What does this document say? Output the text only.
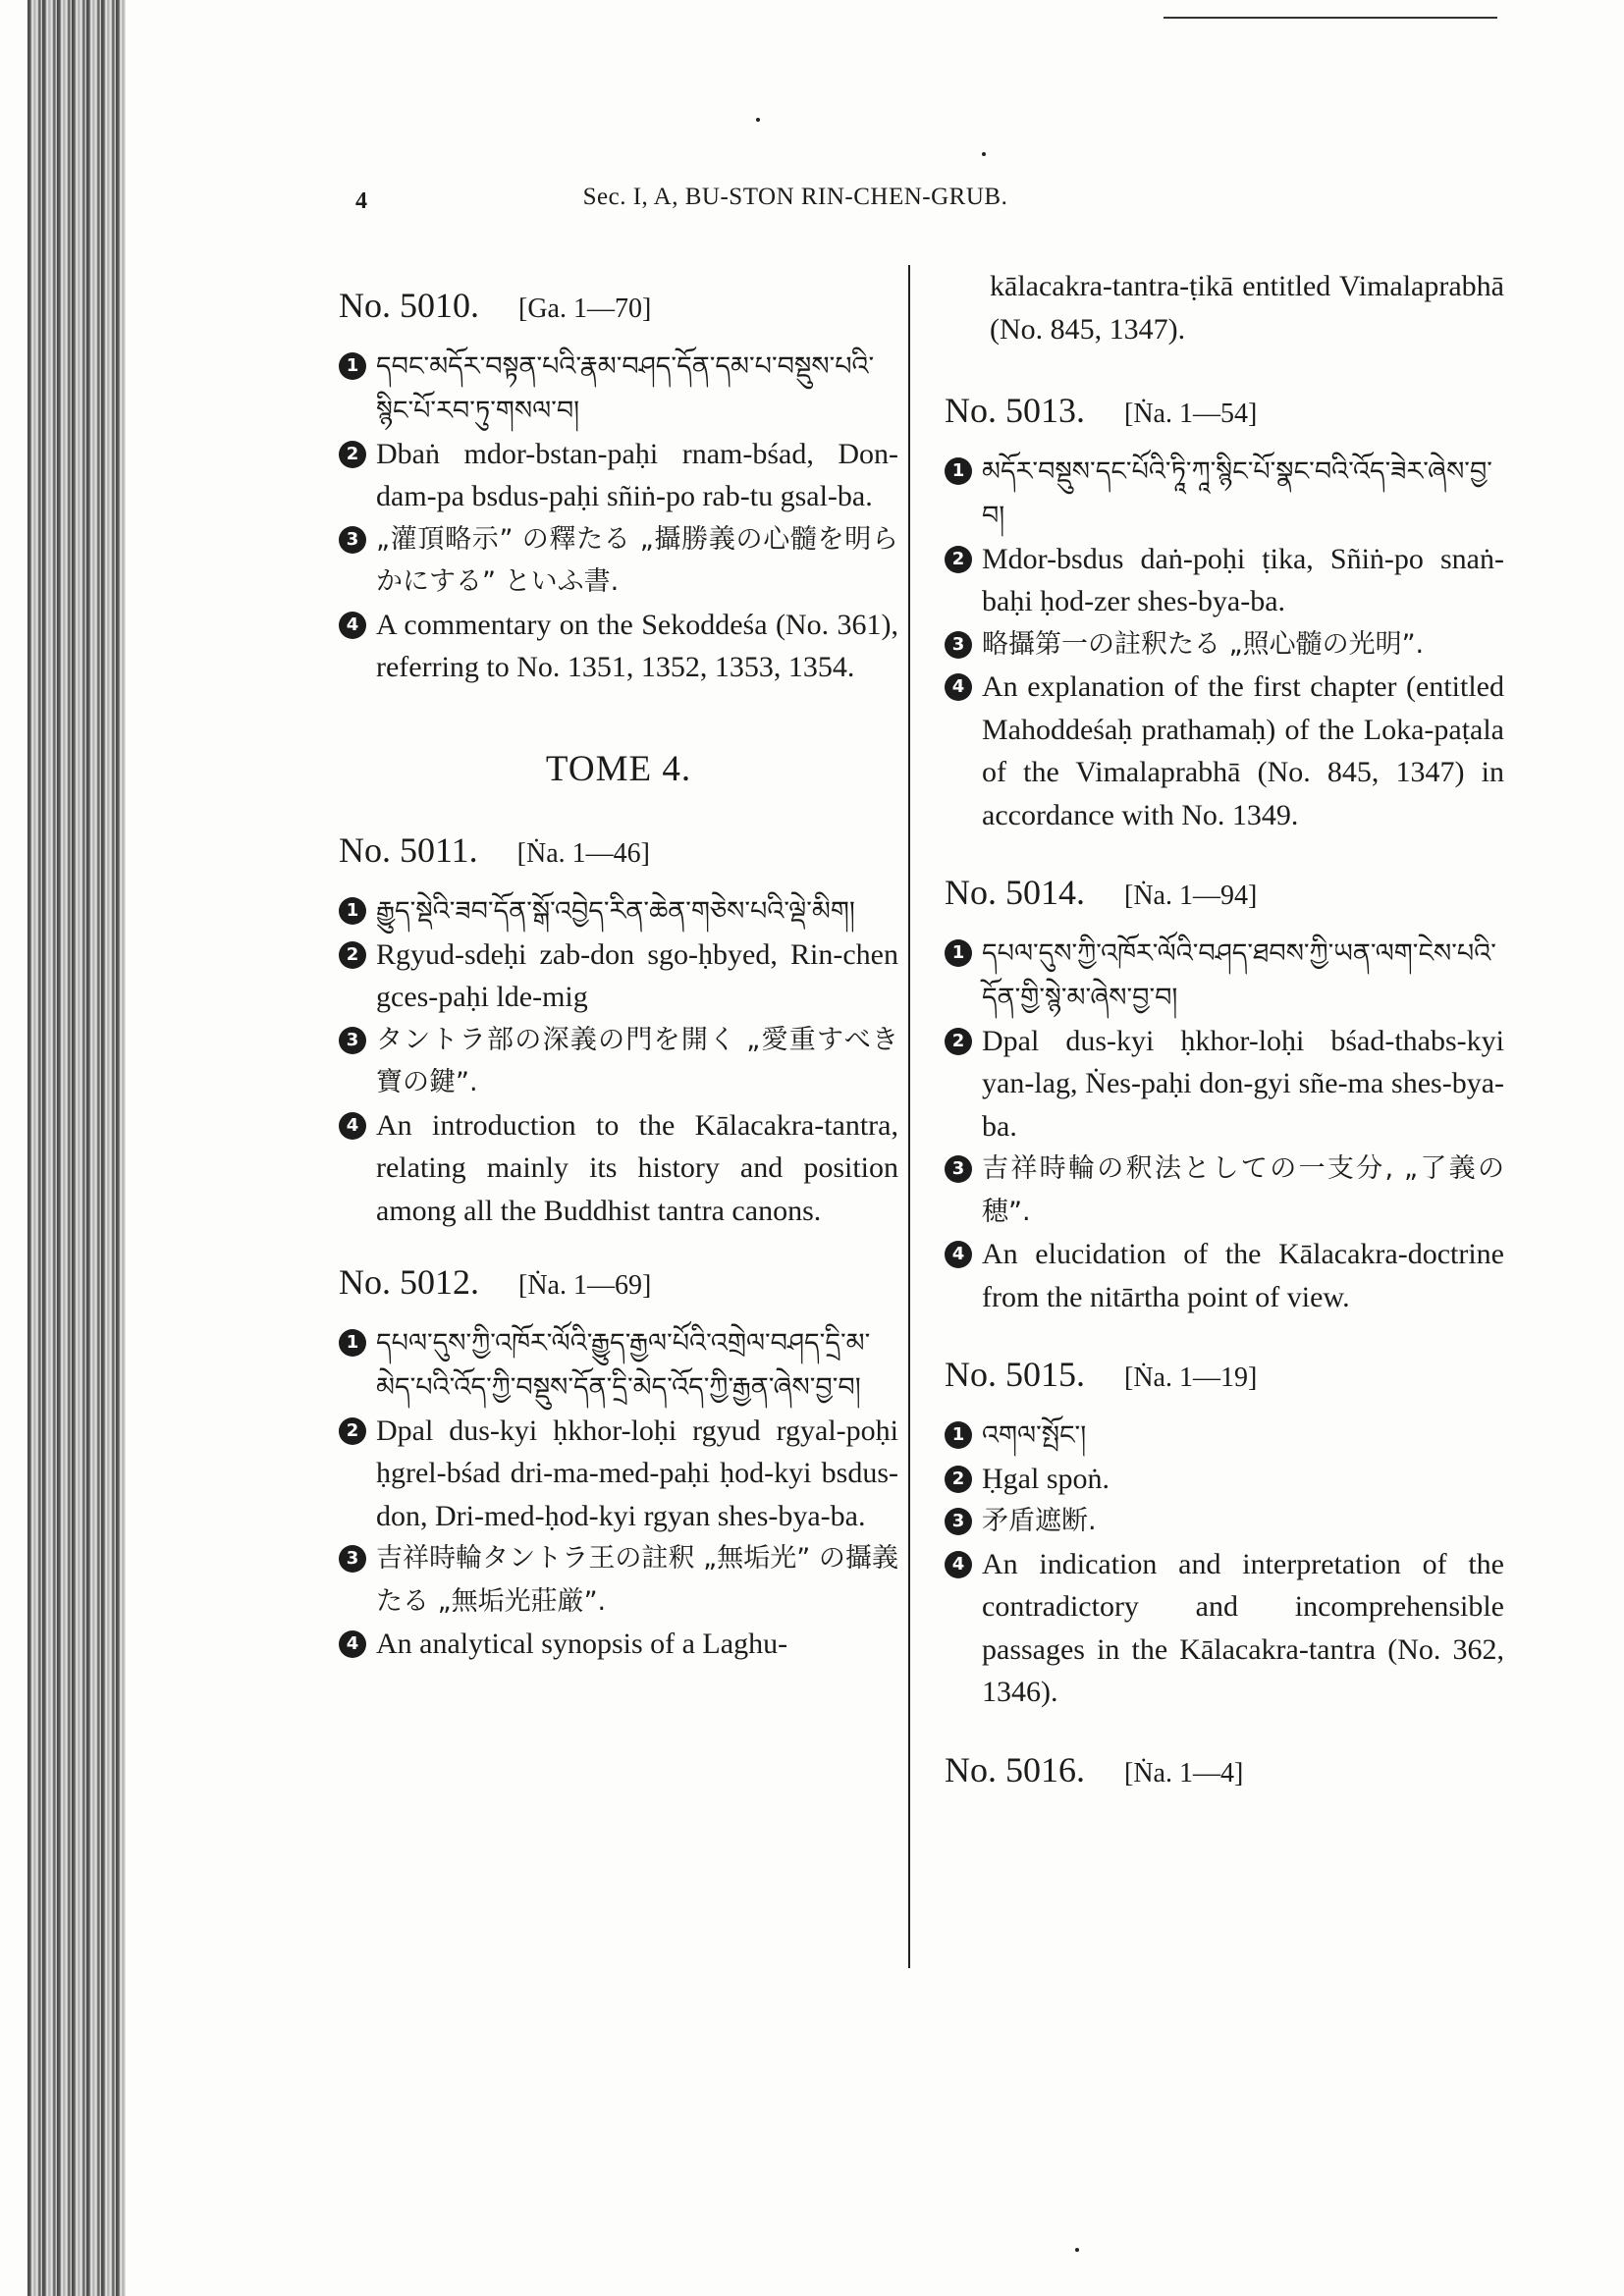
4	Sec. I, A, BU-STON RIN-CHEN-GRUB.
No. 5010. [Ga. 1—70]
1 དབང་མདོར་བསྟན་པའི་རྣམ་བཤད་དོན་དམ་པ་བསྡུས་པའི་སྙིང་པོ་རབ་ཏུ་གསལ་བ།
2 Dbaṅ mdor-bstan-paḥi rnam-bśad, Don-dam-pa bsdus-paḥi sñiṅ-po rab-tu gsal-ba.
3 „灌頂略示” の釋たる „攝勝義の心髓を明らかにする” といふ書.
4 A commentary on the Sekoddeśa (No. 361), referring to No. 1351, 1352, 1353, 1354.
TOME 4.
No. 5011. [Ṅa. 1—46]
1 རྒྱུད་སྡེའི་ཟབ་དོན་སྒོ་འབྱེད་རིན་ཆེན་གཅེས་པའི་ལྡེ་མིག།
2 Rgyud-sdeḥi zab-don sgo-ḥbyed, Rin-chen gces-paḥi lde-mig
3 タントラ部の深義の門を開く „愛重すべき寶の鍵”.
4 An introduction to the Kālacakra-tantra, relating mainly its history and position among all the Buddhist tantra canons.
No. 5012. [Ṅa. 1—69]
1 དཔལ་དུས་ཀྱི་འཁོར་ལོའི་རྒྱུད་རྒྱལ་པོའི་འགྲེལ་བཤད་དྲི་མ་མེད་པའི་འོད་ཀྱི་བསྡུས་དོན་དྲི་མེད་འོད་ཀྱི་རྒྱན་ཞེས་བྱ་བ།
2 Dpal dus-kyi ḥkhor-loḥi rgyud rgyal-poḥi ḥgrel-bśad dri-ma-med-paḥi ḥod-kyi bsdus-don, Dri-med-ḥod-kyi rgyan shes-bya-ba.
3 吉祥時輪タントラ王の註釈 „無垢光” の攝義たる „無垢光莊厳”.
4 An analytical synopsis of a Laghu-
kālacakra-tantra-ṭikā entitled Vimalaprabhā (No. 845, 1347).
No. 5013. [Ṅa. 1—54]
1 མདོར་བསྡུས་དང་པོའི་ཏཱི་ཀཱ་སྙིང་པོ་སྣང་བའི་འོད་ཟེར་ཞེས་བྱ་བ།
2 Mdor-bsdus daṅ-poḥi ṭika, Sñiṅ-po snaṅ-baḥi ḥod-zer shes-bya-ba.
3 略攝第一の註釈たる „照心髓の光明”.
4 An explanation of the first chapter (entitled Mahoddeśaḥ prathamaḥ) of the Loka-paṭala of the Vimalaprabhā (No. 845, 1347) in accordance with No. 1349.
No. 5014. [Ṅa. 1—94]
1 དཔལ་དུས་ཀྱི་འཁོར་ལོའི་བཤད་ཐབས་ཀྱི་ཡན་ལག་ངེས་པའི་དོན་གྱི་སྙེ་མ་ཞེས་བྱ་བ།
2 Dpal dus-kyi ḥkhor-loḥi bśad-thabs-kyi yan-lag, Ṅes-paḥi don-gyi sñe-ma shes-bya-ba.
3 吉祥時輪の釈法としての一支分, „了義の穂”.
4 An elucidation of the Kālacakra-doctrine from the nitārtha point of view.
No. 5015. [Ṅa. 1—19]
1 འགལ་སྤོང་།
2 Ḥgal spoṅ.
3 矛盾遮断.
4 An indication and interpretation of the contradictory and incomprehensible passages in the Kālacakra-tantra (No. 362, 1346).
No. 5016. [Ṅa. 1—4]
